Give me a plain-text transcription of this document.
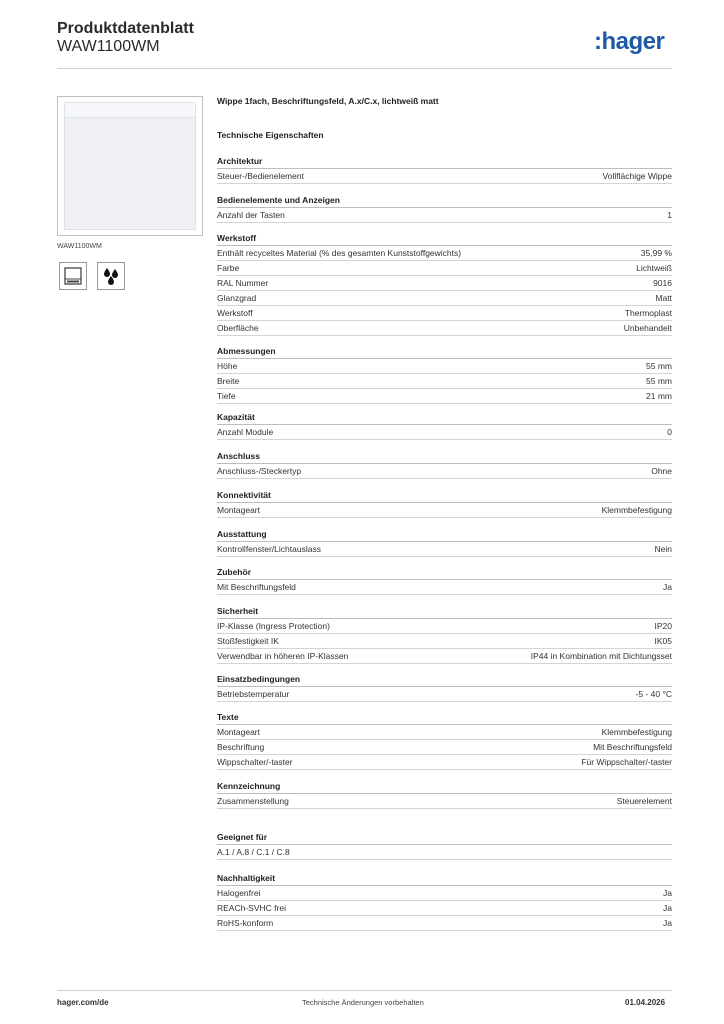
Produktdatenblatt
WAW1100WM	:hager
WAW1100WM
Wippe 1fach, Beschriftungsfeld, A.x/C.x, lichtweiß matt
Technische Eigenschaften
Architektur
Steuer-/Bedienelement	Vollflächige Wippe
Bedienelemente und Anzeigen
Anzahl der Tasten	1
Werkstoff
Enthält recyceltes Material (% des gesamten Kunststoffgewichts)	35,99 %
Farbe	Lichtweiß
RAL Nummer	9016
Glanzgrad	Matt
Werkstoff	Thermoplast
Oberfläche	Unbehandelt
Abmessungen
Höhe	55 mm
Breite	55 mm
Tiefe	21 mm
Kapazität
Anzahl Module	0
Anschluss
Anschluss-/Steckertyp	Ohne
Konnektivität
Montageart	Klemmbefestigung
Ausstattung
Kontrollfenster/Lichtauslass	Nein
Zubehör
Mit Beschriftungsfeld	Ja
Sicherheit
IP-Klasse (Ingress Protection)	IP20
Stoßfestigkeit IK	IK05
Verwendbar in höheren IP-Klassen	IP44 in Kombination mit Dichtungsset
Einsatzbedingungen
Betriebstemperatur	-5 - 40 °C
Texte
Montageart	Klemmbefestigung
Beschriftung	Mit Beschriftungsfeld
Wippschalter/-taster	Für Wippschalter/-taster
Kennzeichnung
Zusammenstellung	Steuerelement
Geeignet für
A.1 / A.8 / C.1 / C.8
Nachhaltigkeit
Halogenfrei	Ja
REACh-SVHC frei	Ja
RoHS-konform	Ja
hager.com/de	Technische Änderungen vorbehalten	01.04.2026
